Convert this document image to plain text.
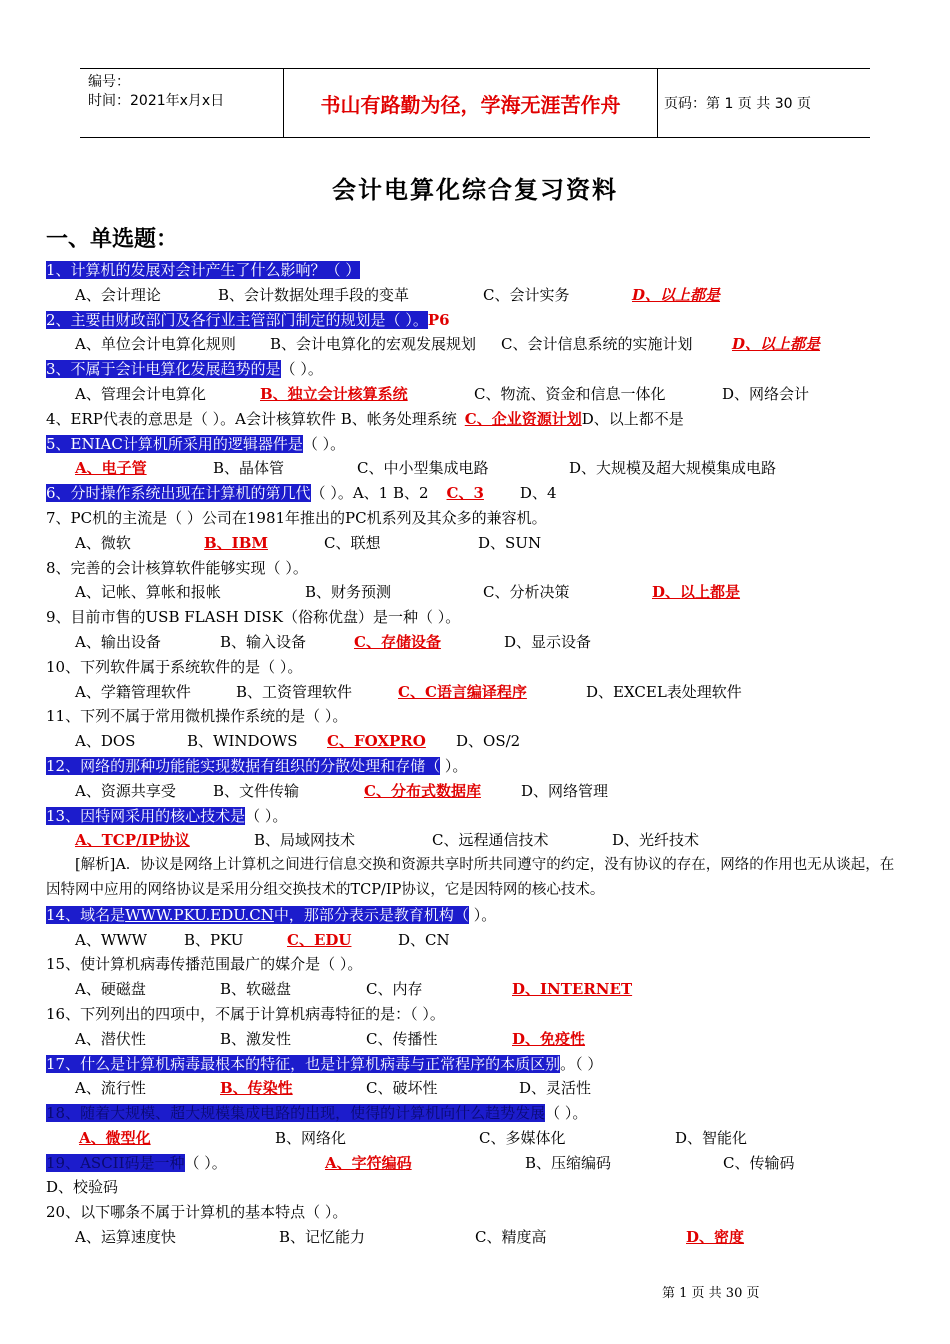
编号：
时间：2021年x月x日	书山有路勤为径，学海无涯苦作舟	页码：第 1 页 共 30 页
会计电算化综合复习资料
一、单选题：
1、计算机的发展对会计产生了什么影响？（ ）
A、会计理论	B、会计数据处理手段的变革	C、会计实务	D、以上都是
2、主要由财政部门及各行业主管部门制定的规划是（ ）。P6
A、单位会计电算化规则 B、会计电算化的宏观发展规划 C、会计信息系统的实施计划	D、以上都是
3、不属于会计电算化发展趋势的是（ ）。
A、管理会计电算化	B、独立会计核算系统	C、物流、资金和信息一体化	D、网络会计
4、ERP代表的意思是（ ）。A会计核算软件 B、帐务处理系统 C、企业资源计划D、以上都不是
5、ENIAC计算机所采用的逻辑器件是（ ）。
A、电子管	B、晶体管	C、中小型集成电路	D、大规模及超大规模集成电路
6、分时操作系统出现在计算机的第几代（ ）。A、1 B、2 C、3 D、4
7、PC机的主流是（ ）公司在1981年推出的PC机系列及其众多的兼容机。
A、微软	B、IBM	C、联想	D、SUN
8、完善的会计核算软件能够实现（ ）。
A、记帐、算帐和报帐	B、财务预测	C、分析决策	D、以上都是
9、目前市售的USB FLASH DISK（俗称优盘）是一种（ ）。
A、输出设备	B、输入设备	C、存储设备	D、显示设备
10、下列软件属于系统软件的是（ ）。
A、学籍管理软件	B、工资管理软件	C、C语言编译程序	D、EXCEL表处理软件
11、下列不属于常用微机操作系统的是（ ）。
A、DOS	B、WINDOWS C、FOXPRO D、OS/2
12、网络的那种功能能实现数据有组织的分散处理和存储（ ）。
A、资源共享受 B、文件传输	C、分布式数据库	D、网络管理
13、因特网采用的核心技术是（ ）。
A、TCP/IP协议	B、局域网技术	C、远程通信技术	D、光纤技术
[解析]A．协议是网络上计算机之间进行信息交换和资源共享时所共同遵守的约定，没有协议的存在，网络的作用也无从谈起，在因特网中应用的网络协议是采用分组交换技术的TCP/IP协议，它是因特网的核心技术。
14、域名是WWW.PKU.EDU.CN中，那部分表示是教育机构（ ）。
A、WWW B、PKU	C、EDU	D、CN
15、使计算机病毒传播范围最广的媒介是（ ）。
A、硬磁盘	B、软磁盘	C、内存	D、INTERNET
16、下列列出的四项中，不属于计算机病毒特征的是：（ ）。
A、潜伏性	B、激发性	C、传播性	D、免疫性
17、什么是计算机病毒最根本的特征，也是计算机病毒与正常程序的本质区别。（ ）
A、流行性	B、传染性	C、破坏性	D、灵活性
18、随着大规模、超大规模集成电路的出现，使得的计算机向什么趋势发展（ ）。
A、微型化	B、网络化	C、多媒体化	D、智能化
19、ASCII码是一种（ ）。	A、字符编码	B、压缩编码	C、传输码
D、校验码
20、以下哪条不属于计算机的基本特点（ ）。
A、运算速度快	B、记忆能力	C、精度高	D、密度
第 1 页 共 30 页
